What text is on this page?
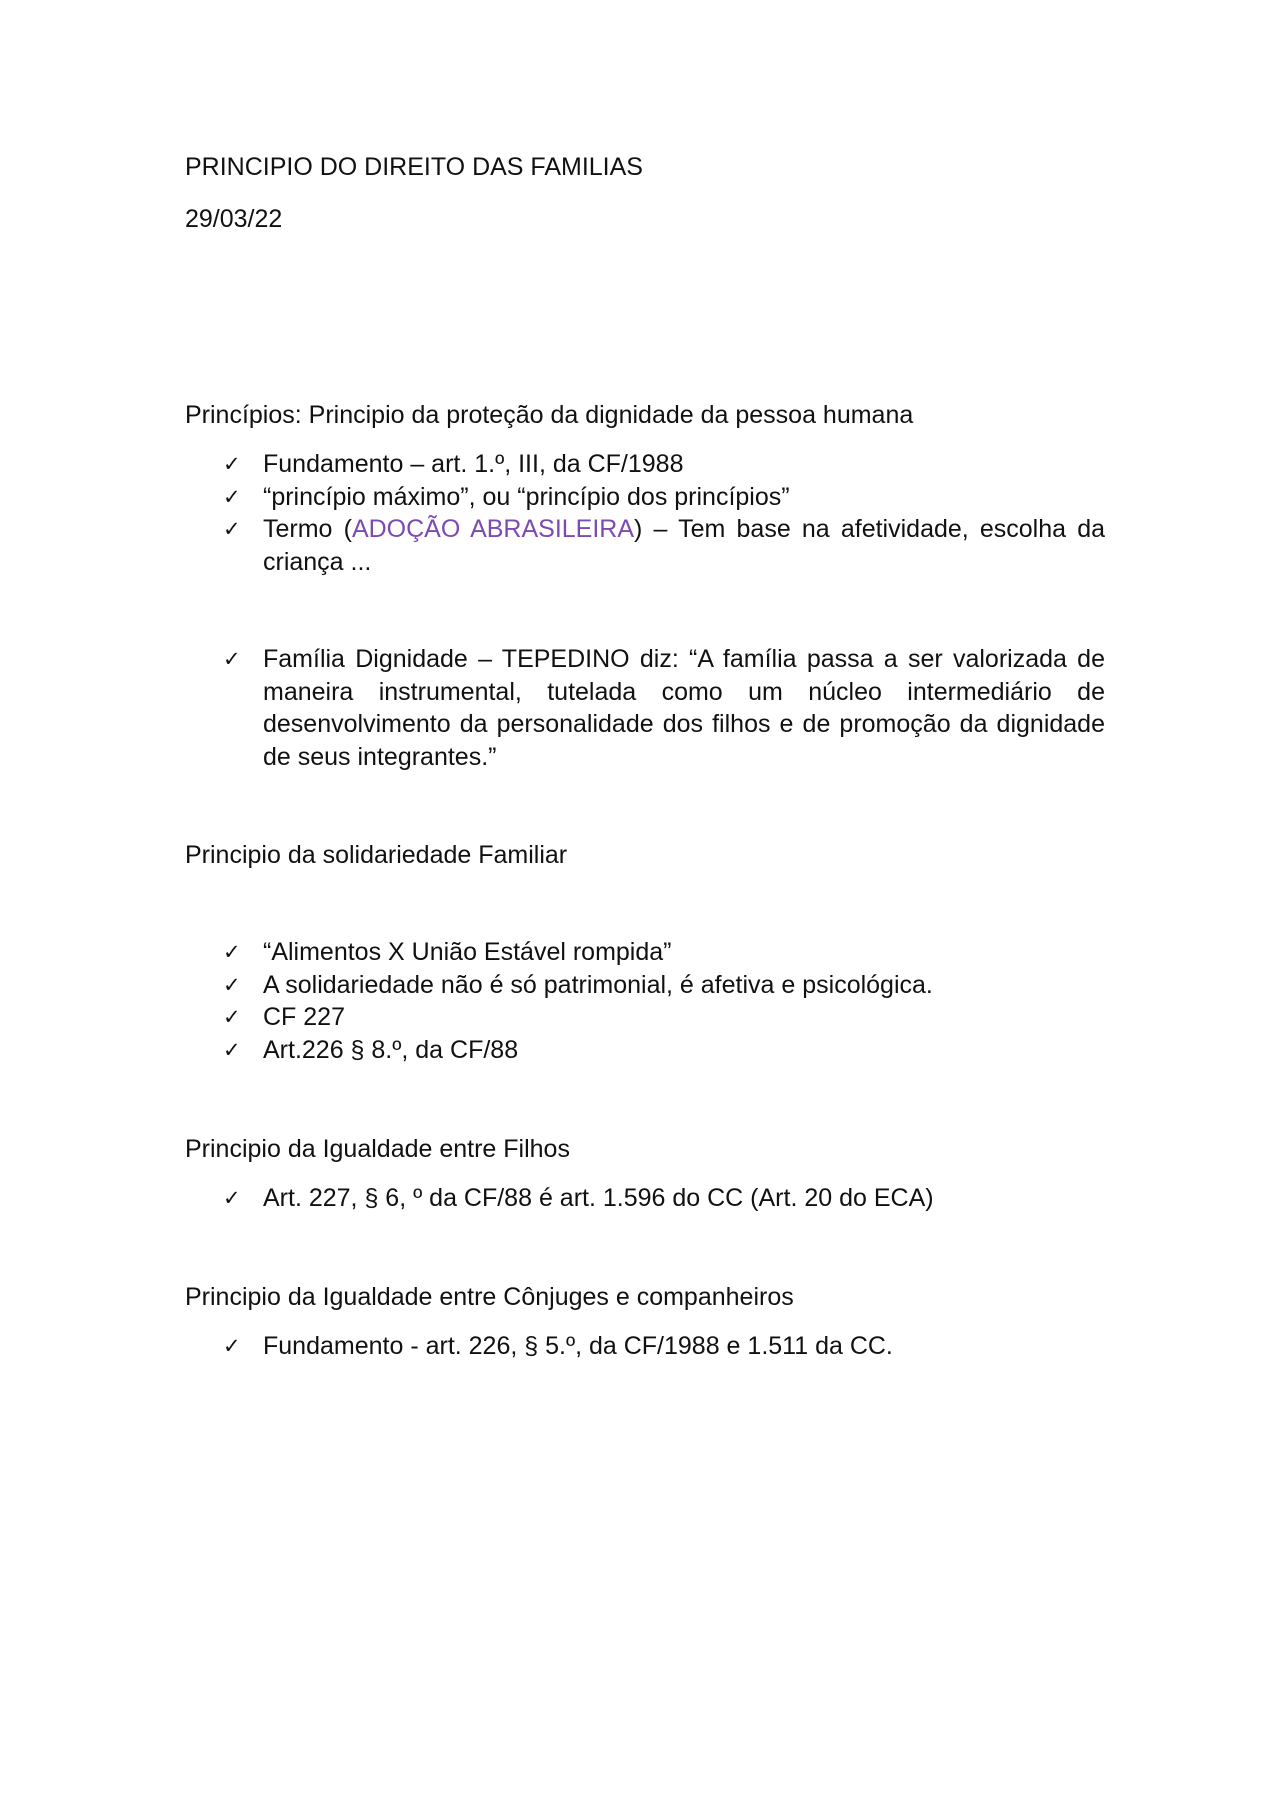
PRINCIPIO DO DIREITO DAS FAMILIAS
29/03/22
Princípios: Principio da proteção da dignidade da pessoa humana
✓ Fundamento – art. 1.º, III, da CF/1988
✓ “princípio máximo”, ou “princípio dos princípios”
✓ Termo (ADOÇÃO ABRASILEIRA) – Tem base na afetividade, escolha da criança ...
✓ Família Dignidade – TEPEDINO diz: “A família passa a ser valorizada de maneira instrumental, tutelada como um núcleo intermediário de desenvolvimento da personalidade dos filhos e de promoção da dignidade de seus integrantes.”
Principio da solidariedade Familiar
✓ “Alimentos X União Estável rompida”
✓ A solidariedade não é só patrimonial, é afetiva e psicológica.
✓ CF 227
✓ Art.226 § 8.º, da CF/88
Principio da Igualdade entre Filhos
✓ Art. 227, § 6, º da CF/88 é art. 1.596 do CC (Art. 20 do ECA)
Principio da Igualdade entre Cônjuges e companheiros
✓ Fundamento - art. 226, § 5.º, da CF/1988 e 1.511 da CC.
